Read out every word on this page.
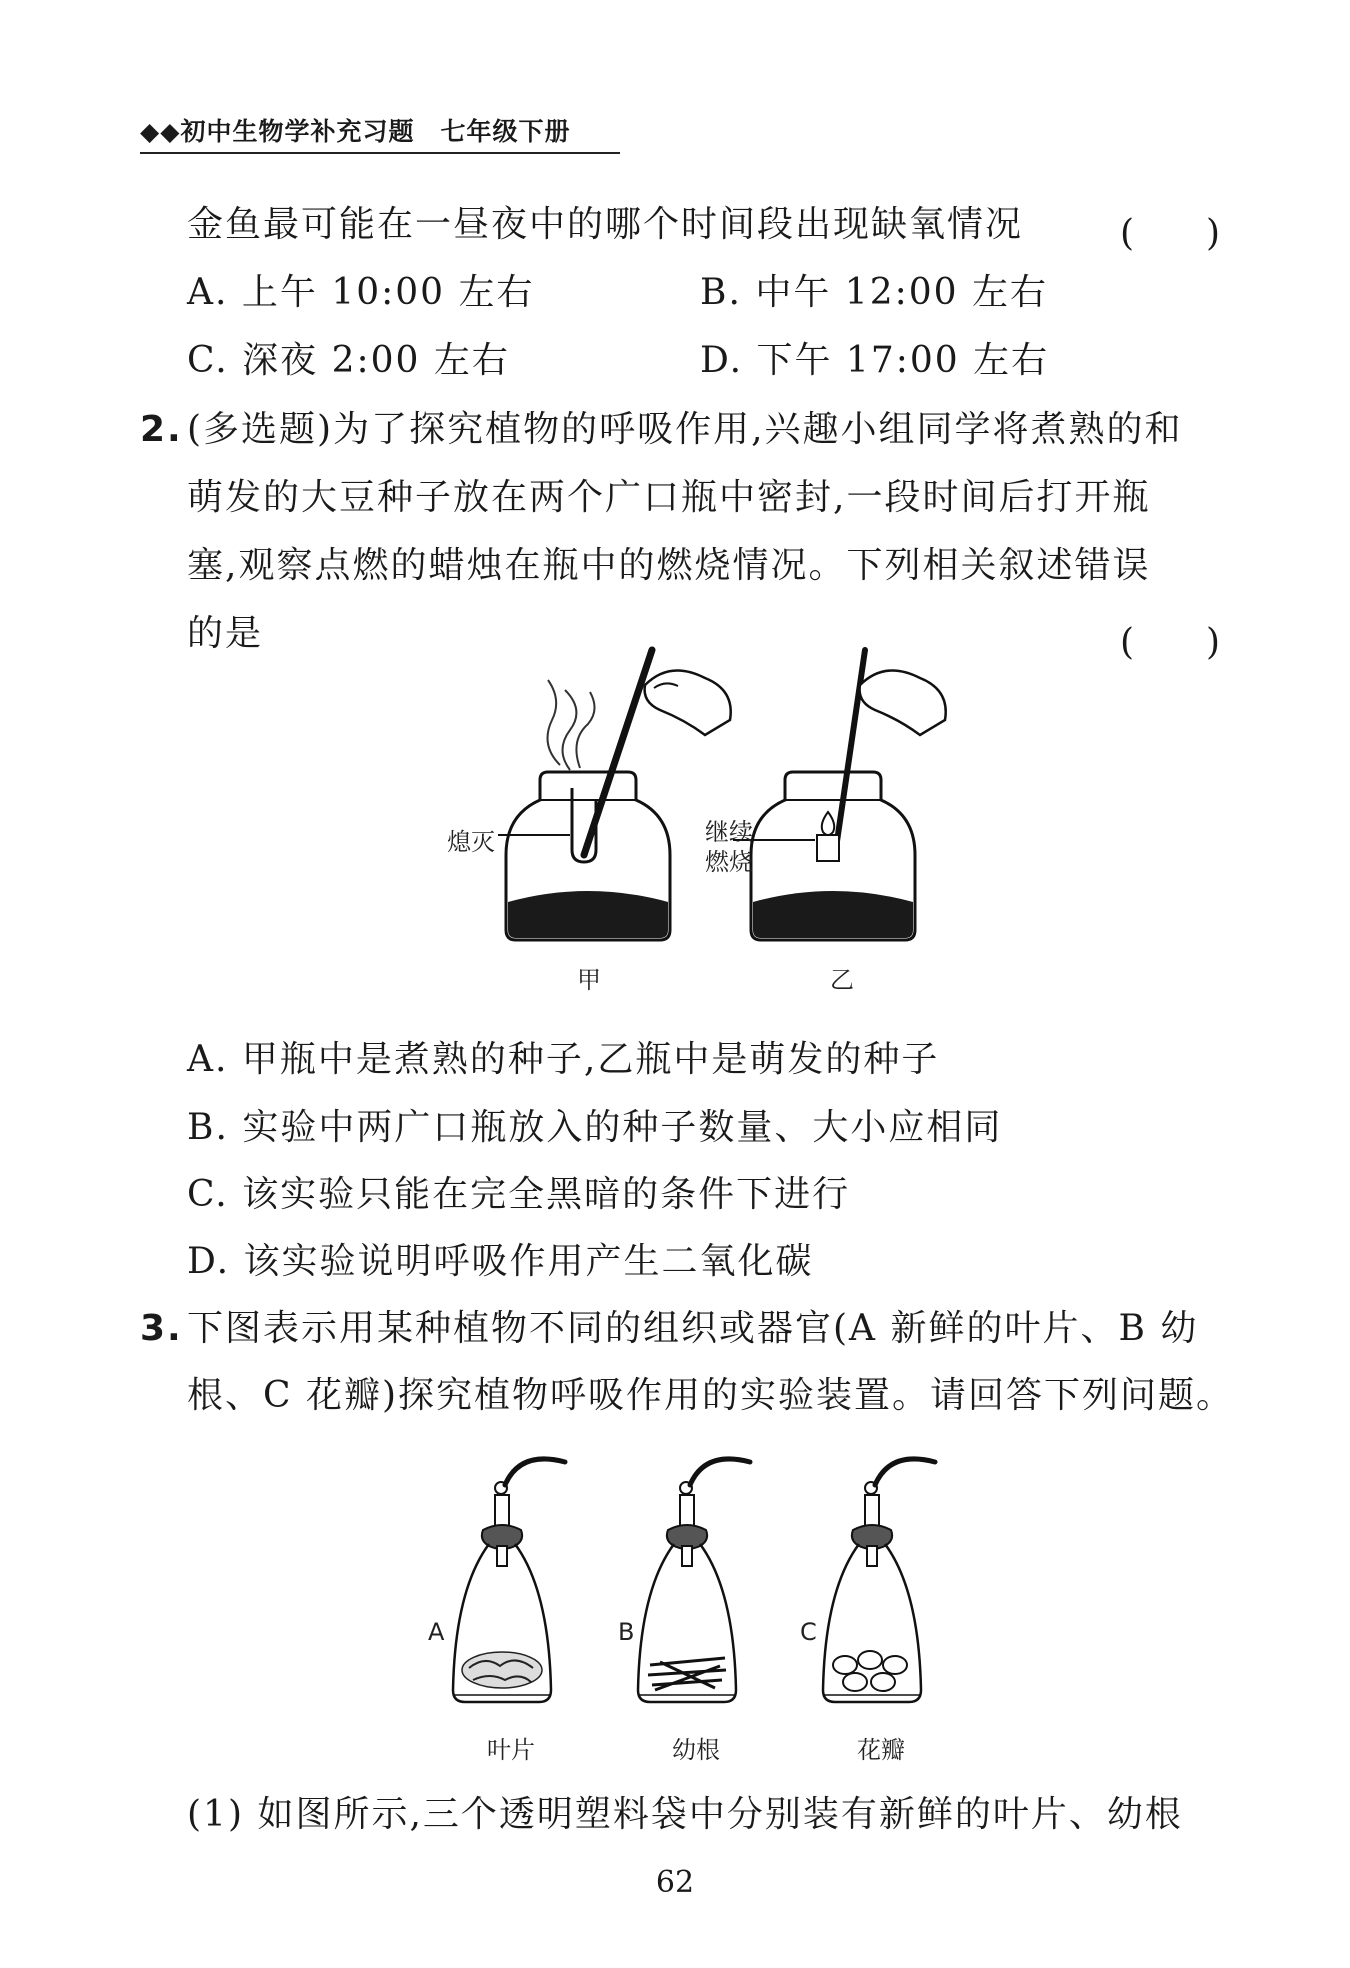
◆◆初中生物学补充习题　七年级下册
金鱼最可能在一昼夜中的哪个时间段出现缺氧情况	(　　)
A. 上午 10:00 左右	B. 中午 12:00 左右
C. 深夜 2:00 左右	D. 下午 17:00 左右
2. (多选题)为了探究植物的呼吸作用,兴趣小组同学将煮熟的和
萌发的大豆种子放在两个广口瓶中密封,一段时间后打开瓶
塞,观察点燃的蜡烛在瓶中的燃烧情况。下列相关叙述错误
的是	(　　)
熄灭	继续
燃烧
甲	乙
A. 甲瓶中是煮熟的种子,乙瓶中是萌发的种子
B. 实验中两广口瓶放入的种子数量、大小应相同
C. 该实验只能在完全黑暗的条件下进行
D. 该实验说明呼吸作用产生二氧化碳
3. 下图表示用某种植物不同的组织或器官(A 新鲜的叶片、B 幼
根、C 花瓣)探究植物呼吸作用的实验装置。请回答下列问题。
A	B	C
叶片	幼根	花瓣
(1) 如图所示,三个透明塑料袋中分别装有新鲜的叶片、幼根
62
